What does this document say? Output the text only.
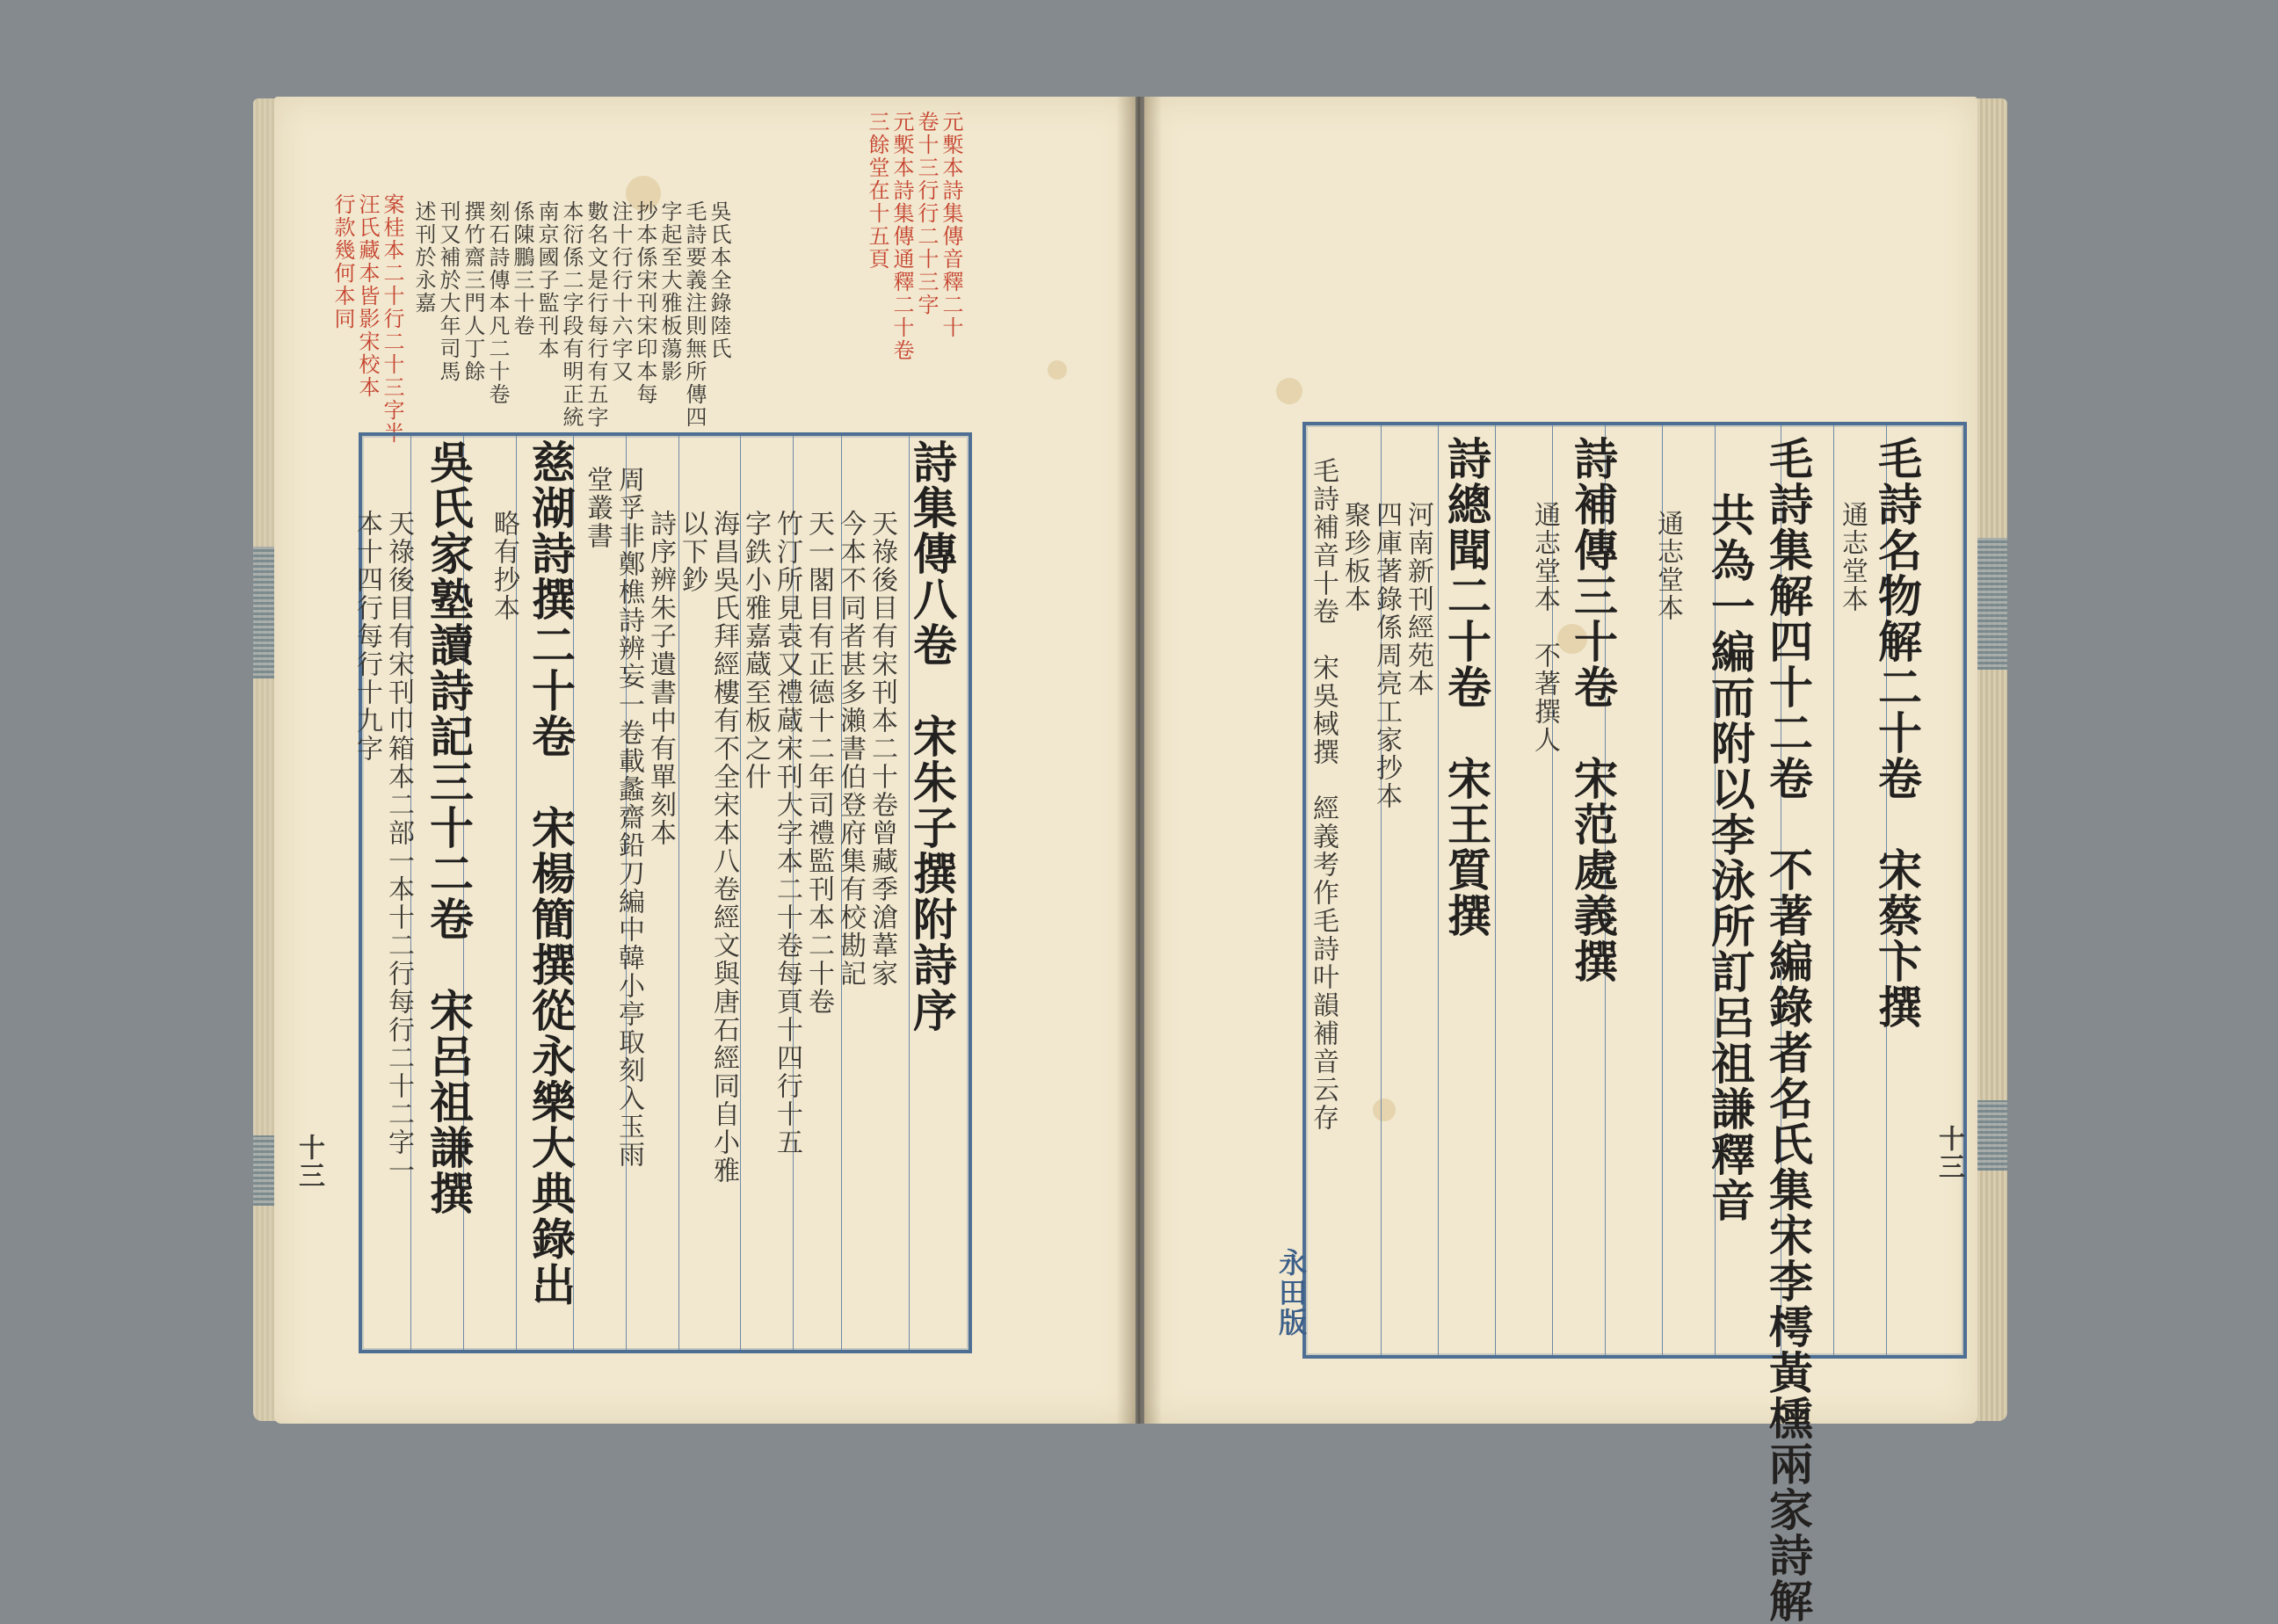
元槧本詩集傳音釋二十
卷十三行行二十三字
元槧本詩集傳通釋二十卷
三餘堂在十五頁
案桂本二十行二十三字半
汪氏藏本皆影宋校本
行款幾何本同	吳氏本全錄陸氏
毛詩要義注則無所傳四
字起至大雅板蕩影
抄本係宋刊宋印本每
注十行行十六字又
數名文是行每行有五字
本衍係二字段有明正統
南京國子監刊本
係陳鵬三十卷
刻石詩傳本凡二十卷
撰竹齋三門人丁餘
刊又補於大年司馬
述刊於永嘉
詩集傳八卷　宋朱子撰附詩序
天祿後目有宋刊本二十卷曾藏季滄葦家
今本不同者甚多瀨書伯登府集有校勘記
天一閣目有正德十二年司禮監刊本二十卷
竹汀所見袁又禮蔵宋刊大字本二十卷每頁十四行十五
字鉄小雅嘉蔵至板之什
海昌吳氏拜經樓有不全宋本八卷經文與唐石經同自小雅
以下鈔
詩序辨朱子遺書中有單刻本
周孚非鄭樵詩辨妄一卷載蠡齋鉛刀編中韓小亭取刻入玉雨
堂叢書
慈湖詩撰二十卷　宋楊簡撰從永樂大典錄出
略有抄本
吳氏家塾讀詩記三十二卷　宋呂祖謙撰
天祿後目有宋刊巾箱本二部一本十二行每行二十二字一
本十四行每行十九字
十三
毛詩名物解二十卷　宋蔡卞撰
通志堂本
毛詩集解四十二卷　不著編錄者名氏集宋李樗黃櫄兩家詩解
共為一編而附以李泳所訂呂祖謙釋音
通志堂本
詩補傳三十卷　宋范處義撰
通志堂本　不著撰人
詩總聞二十卷　宋王質撰
河南新刊經苑本
四庫著錄係周亮工家抄本
聚珍板本
毛詩補音十卷　宋吳棫撰　經義考作毛詩叶韻補音云存
十三
永田版
